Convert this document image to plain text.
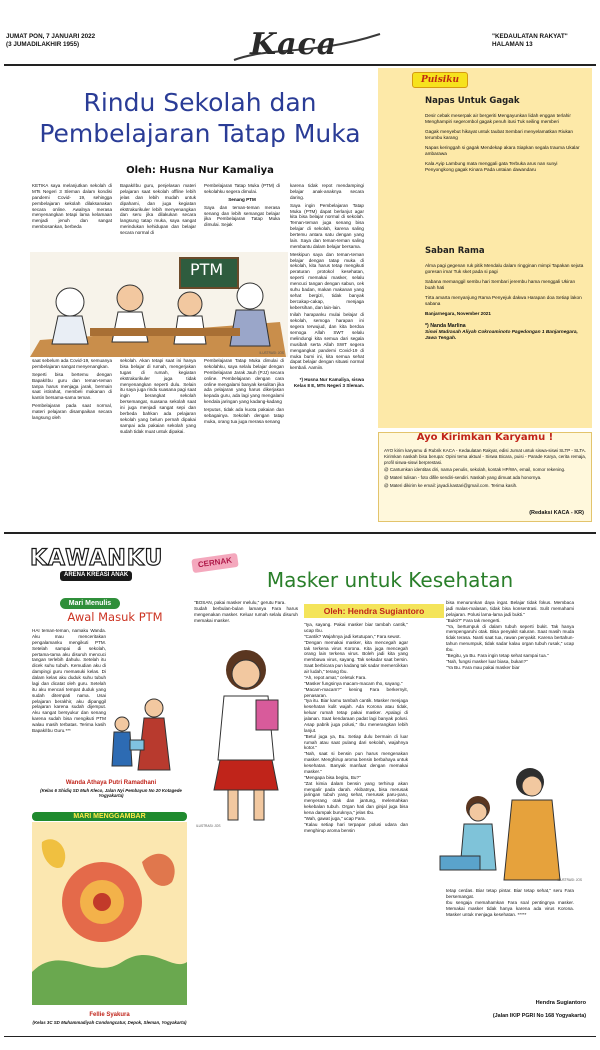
JUMAT PON, 7 JANUARI 2022
(3 JUMADILAKHIR 1955)	Kaca	"KEDAULATAN RAKYAT"
HALAMAN 13
Rindu Sekolah dan
Pembelajaran Tatap Muka
Oleh: Husna Nur Kamaliya

KETIKA saya melanjutkan sekolah di MTs Negeri 3 Sleman dalam kondisi pandemi Covid- 19, sehingga pembelajaran sekolah dilaksanakan secara online. Awalnya merasa menyenangkan tetapi lama kelamaan menjadi jenuh dan sangat membosankan, berbeda

Bapak/Ibu guru, penjelasan materi pelajaran saat sekolah offline lebih jelas dan lebih mudah untuk dipahami, dan juga kegiatan ekstrakurikuler lebih menyenangkan dan seru jika dilakukan secara langsung tatap muka, saya sangat merindukan kehidupan dan belajar secara normal di

Pembelajaran Tatap Muka (PTM) di sekolahku segera dimulai.

Senang PTM

Saya dan teman-teman merasa senang dan lebih semangat belajar jika Pembelajaran Tatap Muka dimulai. Sejak

karena tidak repot mendampingi belajar anak-anaknya secara daring.

Saya ingin Pembelajaran Tatap Muka (PTM) dapat berlanjut agar kita bisa belajar normal di sekolah. Teman-teman juga senang bisa belajar di sekolah, karena saling bertemu antara satu dengan yang lain. Saya dan teman-teman saling membantu dalam belajar bersama.

Meskipun saya dan teman-teman belajar dengan tatap muka di sekolah, kita harus tetap mengikuti peraturan protokol kesehatan, seperti memakai masker, selalu mencuci tangan dengan sabun, cek suhu badan, makan makanan yang sehat bergizi, tidak banyak bercakap-cakap, menjaga kebersihan, dan lain-lain.

Inilah harapanku mulai belajar di sekolah, semoga harapan ini segera terwujud, dan kita berdoa semoga Allah SWT selalu melindungi kita semua dari segala musibah serta Allah SWT segera mengangkat pandemi Covid-19 di muka bumi ini, kita semua sehat dapat belajar dengan situasi normal kembali. Aamiin.

*) Husna Nur Kamaliya, siswa Kelas 8 E, MTs Negeri 3 Sleman.

PTM
ILUSTRASI: JOS

saat sebelum ada Covid-19, semuanya pembelajaran sangat menyenangkan.

Seperti bisa bertemu dengan Bapak/Ibu guru dan teman-teman tanpa harus menjaga jarak, bermain saat istirahat, membeli makanan di kantin bersama-sama teman.

Pembelajaran pada saat normal, materi pelajaran disampaikan secara langsung oleh

sekolah. Akan tetapi saat ini hanya bisa belajar di rumah, mengerjakan tugas di rumah, kegiatan ekstrakurikuler juga tidak menyenangkan seperti dulu. Selain itu saya juga rindu suasana pagi saat ingin berangkat sekolah bersemangat, suasana sekolah saat ini juga menjadi sangat sepi dan berbeda bahkan ada pelajaran sekolah yang belum pernah dipakai sampai ada pakaian sekolah yang sudah tidak muat untuk dipakai.

Pembelajaran Tatap Muka dimulai di sekolahku, saya selalu belajar dengan Pembelajaran Jarak Jauh (PJJ) secara online. Pembelajaran dengan cara online mengalami banyak kesulitan jika ada pelajaran yang harus dikerjakan kepada guru, ada lagi yang mengalami kendala jaringan yang kadang-kadang

terputus, tidak ada kuota pakaian dan sebagainya. Sekolah dengan tatap muka, orang tua juga merasa senang

Puisiku
Napas Untuk Gagak

Desir cebak meserpak air bergeriti Mengayunkan lidah enggan terlahir Menghampiri segerombol gagak penuh itusi Tuk seiling memberi

Gagak menyebut hikayat untuk taubat Sembari menyelamatkan Riukan terumbu karang

Napas keringgah si gagak Mendekap akara Siapkan segala trauma Ukalar ambarawa

Kala Ayip Lambung mata menggali gata Terbuka arus nan sunyi Penyongkong gagak Kinara Pada untaian dawandaru

Saban Rama

Alma pagi gegenan ruk pitik Mendalu dalam ringginan mimpi Tapakan sejuta goresan imar Tuk sket pada si pagi

Sabana memanggil sembu hari Sembari jerembu hama menggali Ukiran buah hati

Tirta amarta menyanjung Rama Penyejuk dakwa Harapan doa Setiap lakon sabana

Banjarnegara, November 2021
*) Nanda Marlina
Siswi Madrasah Aliyah Cokroaminoto Pagedongan 1 Banjarnegara, Jawa Tengah.
Ayo Kirimkan Karyamu !

AYO kirim karyamu di Rubrik KACA - Kedaulatan Rakyat, edisi Jumat untuk siswa-siswi SLTP - SLTA. Kirimkan naskah bisa berupa: Opini tema aktual - Siswa Bicara, puisi - Parade Karya, cerita remaja, profil siswa-siswi berprestasi.

@ Cantumkan identitas diri, nama penulis, sekolah, kontak HP/WA, email, nomor rekening.

@ Materi tulisan - foto difile sendiri-sendiri. Naskah yang dimuat ada honornya.

@ Materi dikirim ke email: jayadi.kastari@gmail.com. Terima kasih.

(Redaksi KACA - KR)
KAWANKU
ARENA KREASI ANAK
CERNAK
Masker untuk Kesehatan
Mari Menulis
Awal Masuk PTM

HAI teman-teman, namaku Wanda. Aku mau menceritakan pengalamanku mengikuti PTM. Setelah sampai di sekolah, pertama-tama aku disuruh mencuci tangan terlebih dahulu. Setelah itu dicek suhu tubuh. Kemudian aku di dampingi guru memasuki kelas. Di dalam kelas aku duduk suhu tubuh lagi dan dicatat oleh guru. Setelah itu aku mencari tempat duduk yang sudah ditempati nama. Usai pelajaran berakhir, aku dipanggil pelajaran karena sudah dijemput. Aku sangat bersyukur dan senang karena sudah bisa mengikuti PTM walau masih terbatas. Terima kasih Bapak/Ibu Guru.***

Wanda Athaya Putri Ramadhani
(Kelas 6 Shidiq SD Muh Kleco, Jalan Nyi Pembayun No 20 Kotagede Yogyakarta)
MARI MENGGAMBAR
Fellie Syakura
(Kelas 3C SD Muhammadiyah Condongcatur, Depok, Sleman, Yogyakarta)
"BOSAN, pakai masker melulu," gerutu Fara.
Sudah berbulan-bulan lamanya Fara harus mengenakan masker. Keluar rumah selalu disuruh memakai masker.
ILUSTRASI: JOS
Oleh: Hendra Sugiantoro
"Iya, sayang. Pakai masker biar tambah cantik," ucap Ibu.
"Cantik? Wajahnya jadi ketutupan," Fara sewot.
"Dengan memakai masker, kita mencegah agar tak terkena virus Korona. Kita juga mencegah orang lain terkena virus. Boleh jadi kita yang membawa virus, sayang. Tak sekadar saat bersin. Saat berbicara pun kadang tak sadar memercikkan air ludah," terang Ibu.
"Ah, repot amat," celetuk Fara.
"Masker fungsinya macam-macam Iho, sayang."
"Macam-macam?" kening Fara berkernyit, penasaran.
"Iya itu. Biar kamu tambah cantik. Masker menjaga kesehatan kulit wajah. Ada Korona atau tidak, keluar rumah tetap pakai masker. Apalagi di jalanan. Saat kendaraan padat lagi banyak polusi. Asap pabrik juga polusi," Ibu menerangkan lebih lanjut.
"Betul juga ya, Bu. Setiap dulu bermain di luar rumah atau saat pulang dari sekolah, wajahnya kotor."
"Nah, saat si bensin pun harus mengenakan masker. Menghirup aroma bensin berbahaya untuk kesehatan. Banyak manfaat dengan memakai masker."
"Mengapa bisa begitu, Bu?"
"Zat kimia dalam bensin yang terhirup akan mengalir pada darah. Akibatnya, bisa merusak jaringan tubuh yang sehat, merusak paru-paru, menyerang otak dan jantung, melemahkan kekebalan tubuh. Organ hati dan ginjal juga bisa kena dampak buruknya," jelas Ibu.
"Wah, gawat juga," ucap Fara.
"Kalau setiap hari terpapar polusi udara dan menghirup aroma bensin
bisa menurunkan daya ingat. Belajar tidak fokus. Membaca jadi malas-malasan, tidak bisa konsentrasi. Sulit memahami pelajaran. Polusi lama-lama jadi bukti."
"Bukti?" Fara tak mengerti.
"Ya, bertumpuk di dalam tubuh seperti bukit. Tak hanya mempengaruhi otak. Bisa penyakit saluran. Saat masih muda tidak terasa. Nanti saat tua, rawan penyakit. Karena bertahun-tahun menumpuk, tidak sadar kalau organ tubuh rusak," ucap Ibu.
"Begitu, ya Bu. Fara ingin tetap sehat sampai tua."
"Nah, fungsi masker luar biasa, bukan?"
"Ya Bu. Fara mau pakai masker biar
ILUSTRASI: JOS
tetap cerdas. Biar tetap pintar. Biar tetap sehat," seru Fara bersemangat.
Ibu sengaja memahamkan Fara soal pentingnya masker. Memakai masker tidak hanya karena ada virus Korona. Masker untuk menjaga kesehatan. *****
Hendra Sugiantoro
(Jalan IKIP PGRI No 168 Yogyakarta)
